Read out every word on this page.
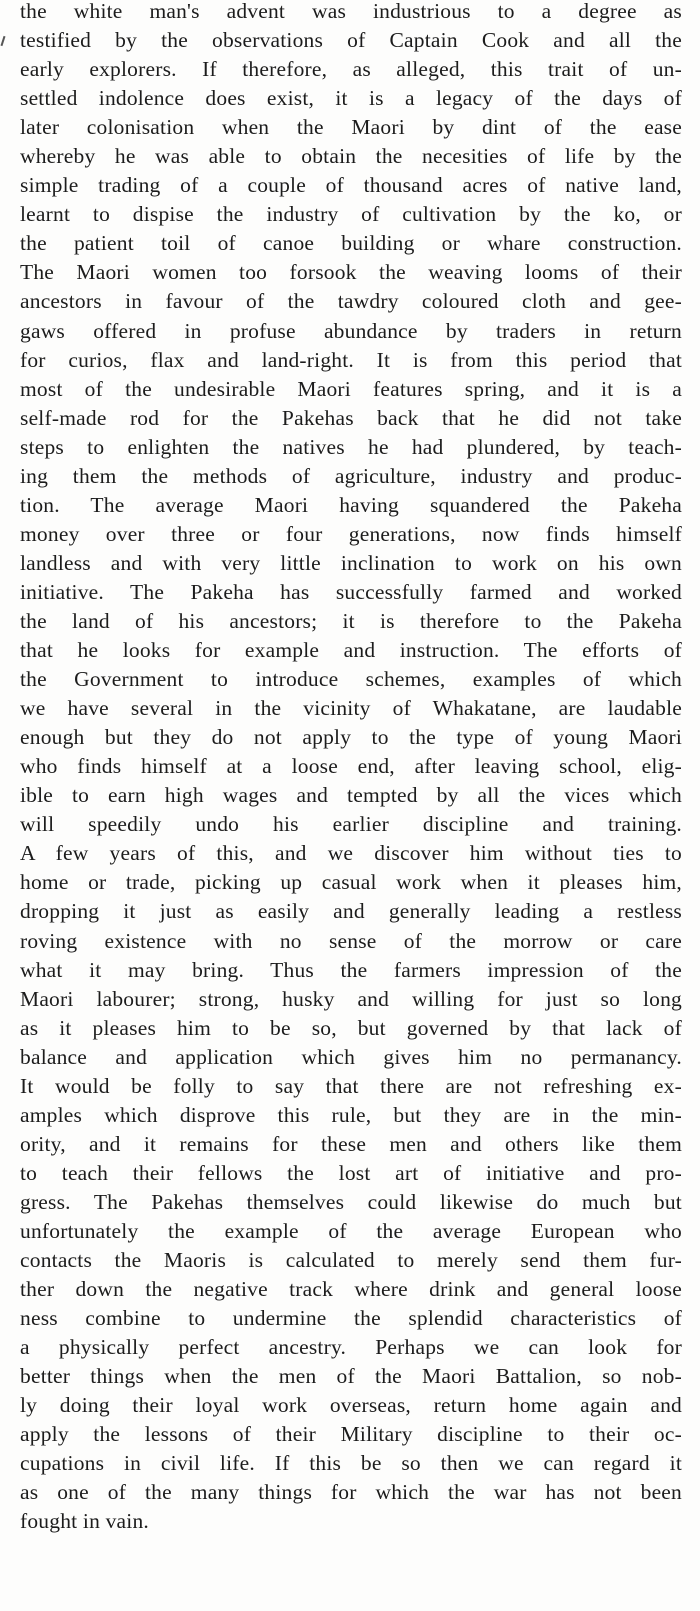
the white man's advent was industrious to a degree as
testified by the observations of Captain Cook and all the
early explorers. If therefore, as alleged, this trait of un-
settled indolence does exist, it is a legacy of the days of
later colonisation when the Maori by dint of the ease
whereby he was able to obtain the necesities of life by the
simple trading of a couple of thousand acres of native land,
learnt to dispise the industry of cultivation by the ko, or
the patient toil of canoe building or whare construction.
The Maori women too forsook the weaving looms of their
ancestors in favour of the tawdry coloured cloth and gee-
gaws offered in profuse abundance by traders in return
for curios, flax and land-right. It is from this period that
most of the undesirable Maori features spring, and it is a
self-made rod for the Pakehas back that he did not take
steps to enlighten the natives he had plundered, by teach-
ing them the methods of agriculture, industry and produc-
tion. The average Maori having squandered the Pakeha
money over three or four generations, now finds himself
landless and with very little inclination to work on his own
initiative. The Pakeha has successfully farmed and worked
the land of his ancestors; it is therefore to the Pakeha
that he looks for example and instruction. The efforts of
the Government to introduce schemes, examples of which
we have several in the vicinity of Whakatane, are laudable
enough but they do not apply to the type of young Maori
who finds himself at a loose end, after leaving school, elig-
ible to earn high wages and tempted by all the vices which
will speedily undo his earlier discipline and training.
A few years of this, and we discover him without ties to
home or trade, picking up casual work when it pleases him,
dropping it just as easily and generally leading a restless
roving existence with no sense of the morrow or care
what it may bring. Thus the farmers impression of the
Maori labourer; strong, husky and willing for just so long
as it pleases him to be so, but governed by that lack of
balance and application which gives him no permanancy.
It would be folly to say that there are not refreshing ex-
amples which disprove this rule, but they are in the min-
ority, and it remains for these men and others like them
to teach their fellows the lost art of initiative and pro-
gress. The Pakehas themselves could likewise do much but
unfortunately the example of the average European who
contacts the Maoris is calculated to merely send them fur-
ther down the negative track where drink and general loose
ness combine to undermine the splendid characteristics of
a physically perfect ancestry. Perhaps we can look for
better things when the men of the Maori Battalion, so nob-
ly doing their loyal work overseas, return home again and
apply the lessons of their Military discipline to their oc-
cupations in civil life. If this be so then we can regard it
as one of the many things for which the war has not been
fought in vain.
